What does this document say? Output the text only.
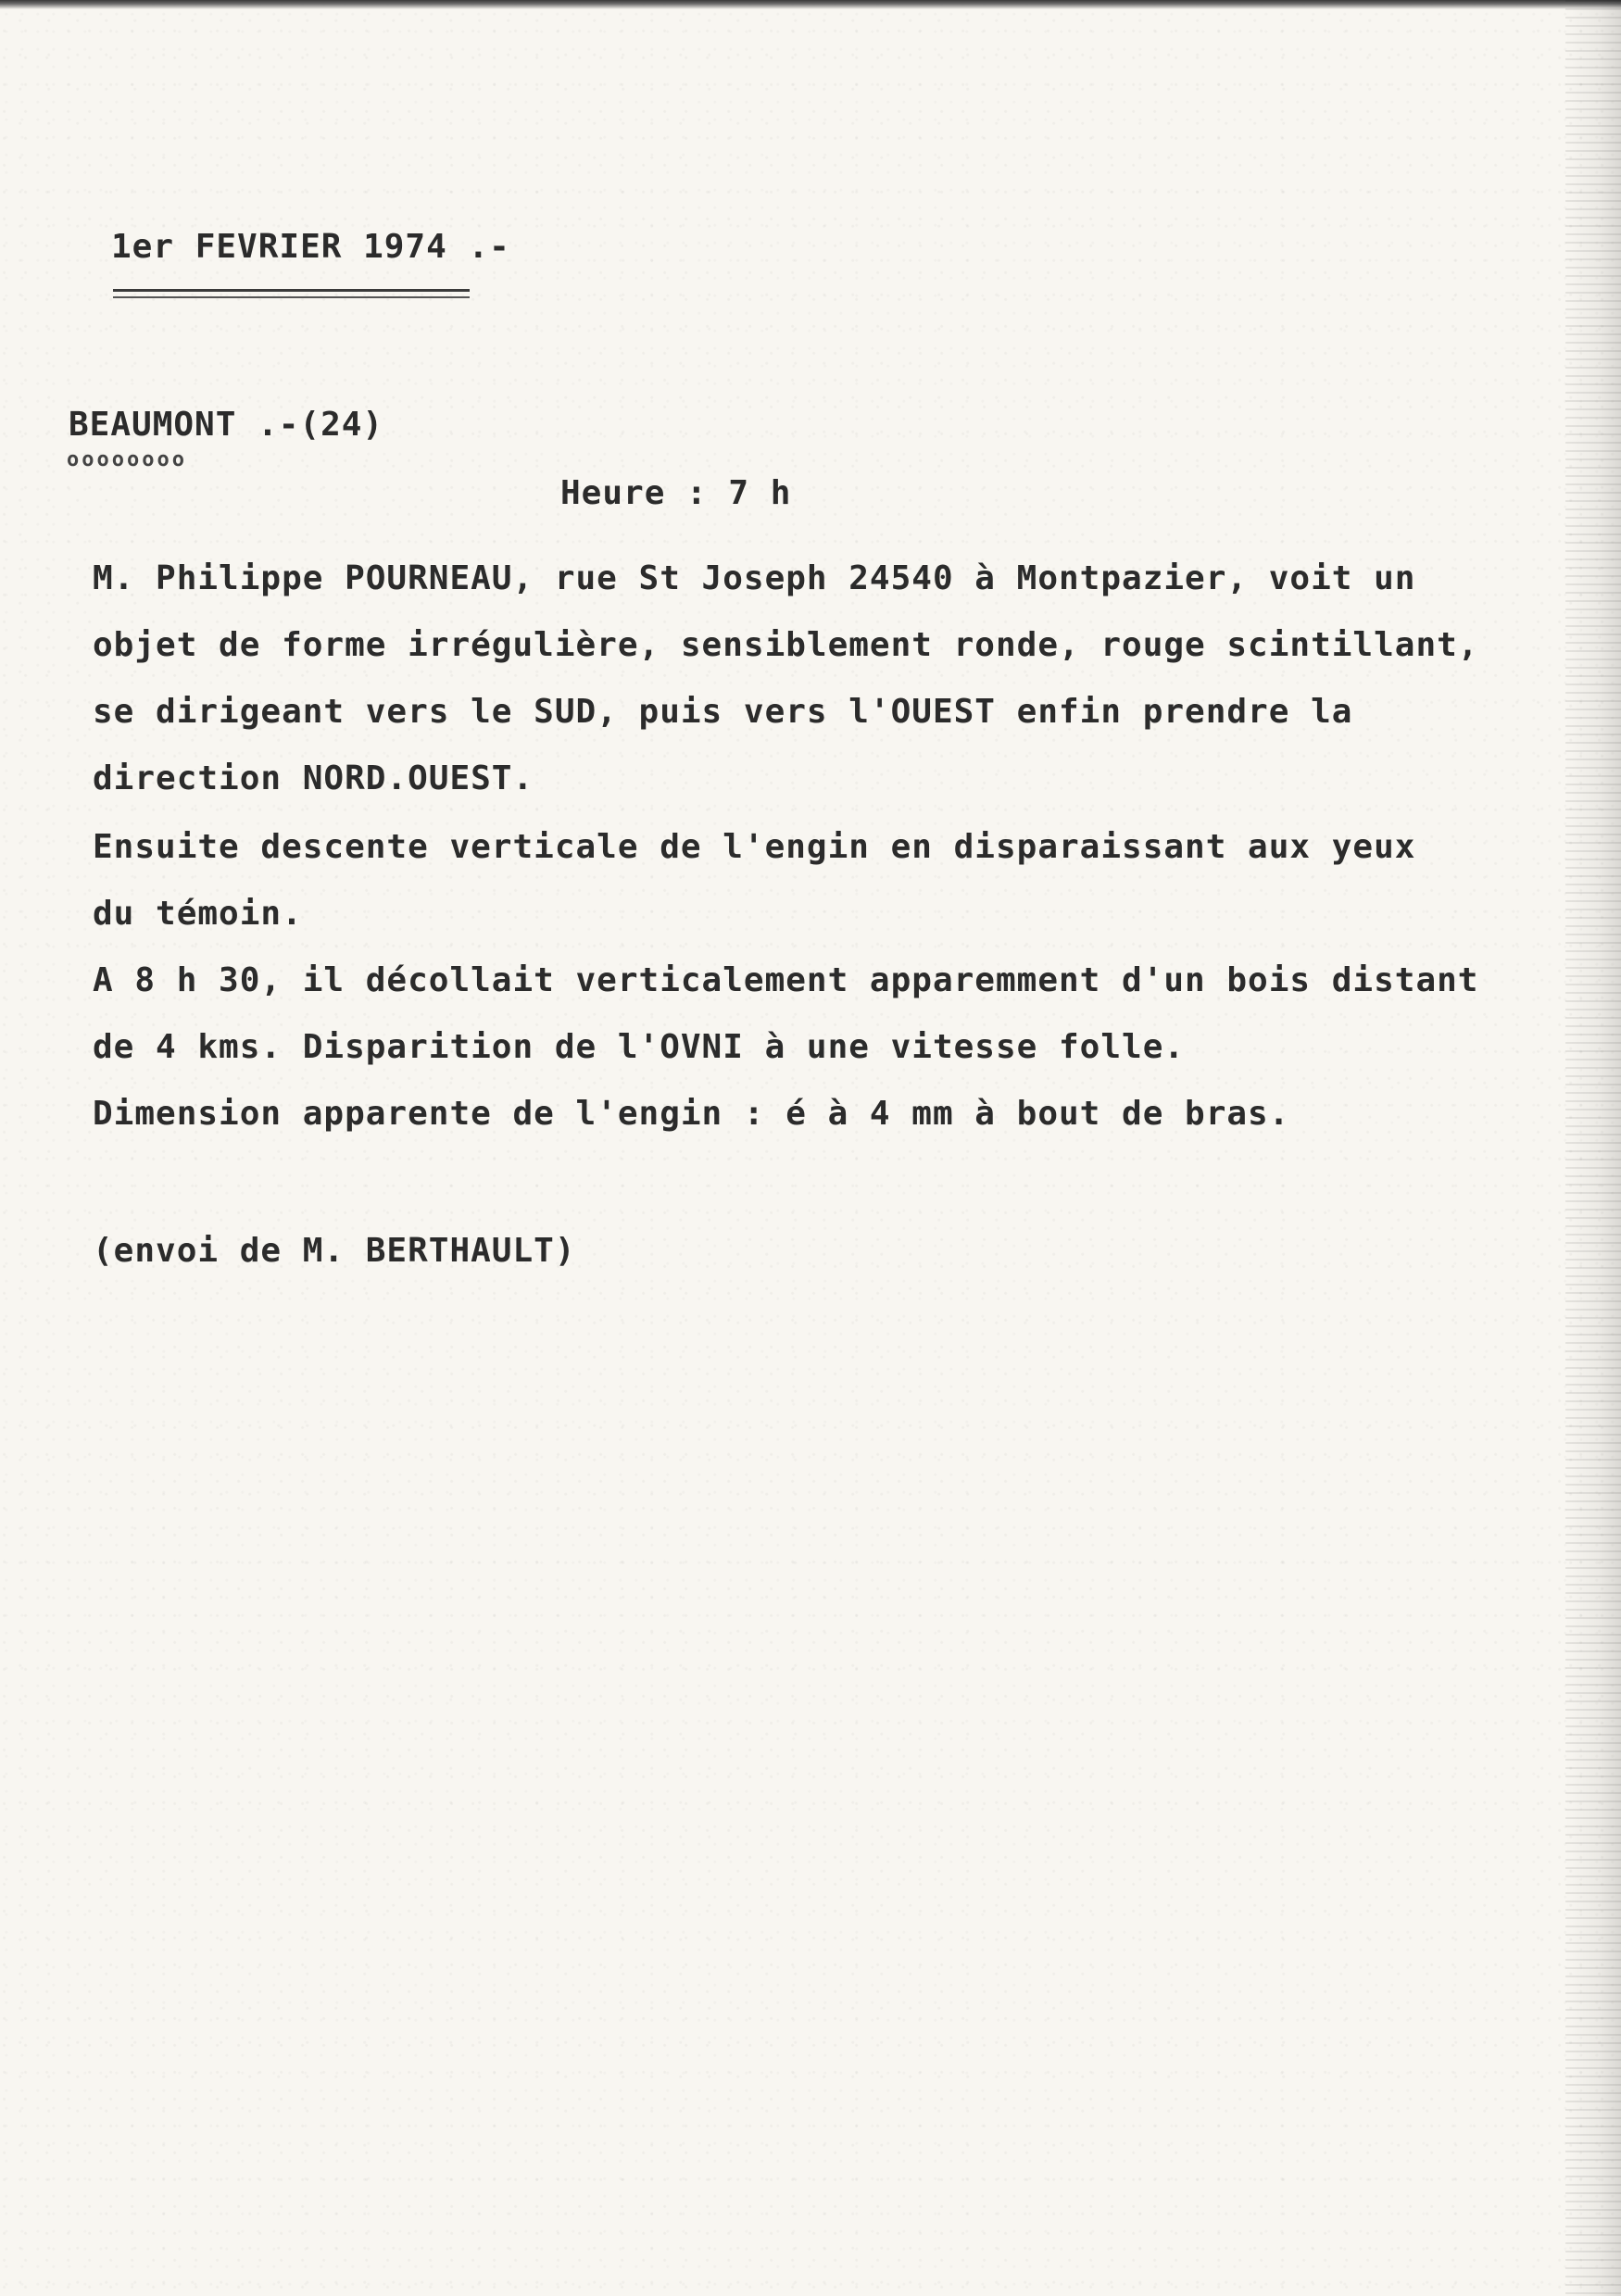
1er FEVRIER 1974 .-
BEAUMONT .-(24)
oooooooo
Heure : 7 h
M. Philippe POURNEAU, rue St Joseph 24540 à Montpazier, voit un
objet de forme irrégulière, sensiblement ronde, rouge scintillant,
se dirigeant vers le SUD, puis vers l'OUEST enfin prendre la
direction NORD.OUEST.
Ensuite descente verticale de l'engin en disparaissant aux yeux
du témoin.
A 8 h 30, il décollait verticalement apparemment d'un bois distant
de 4 kms. Disparition de l'OVNI à une vitesse folle.
Dimension apparente de l'engin : é à 4 mm à bout de bras.
(envoi de M. BERTHAULT)
